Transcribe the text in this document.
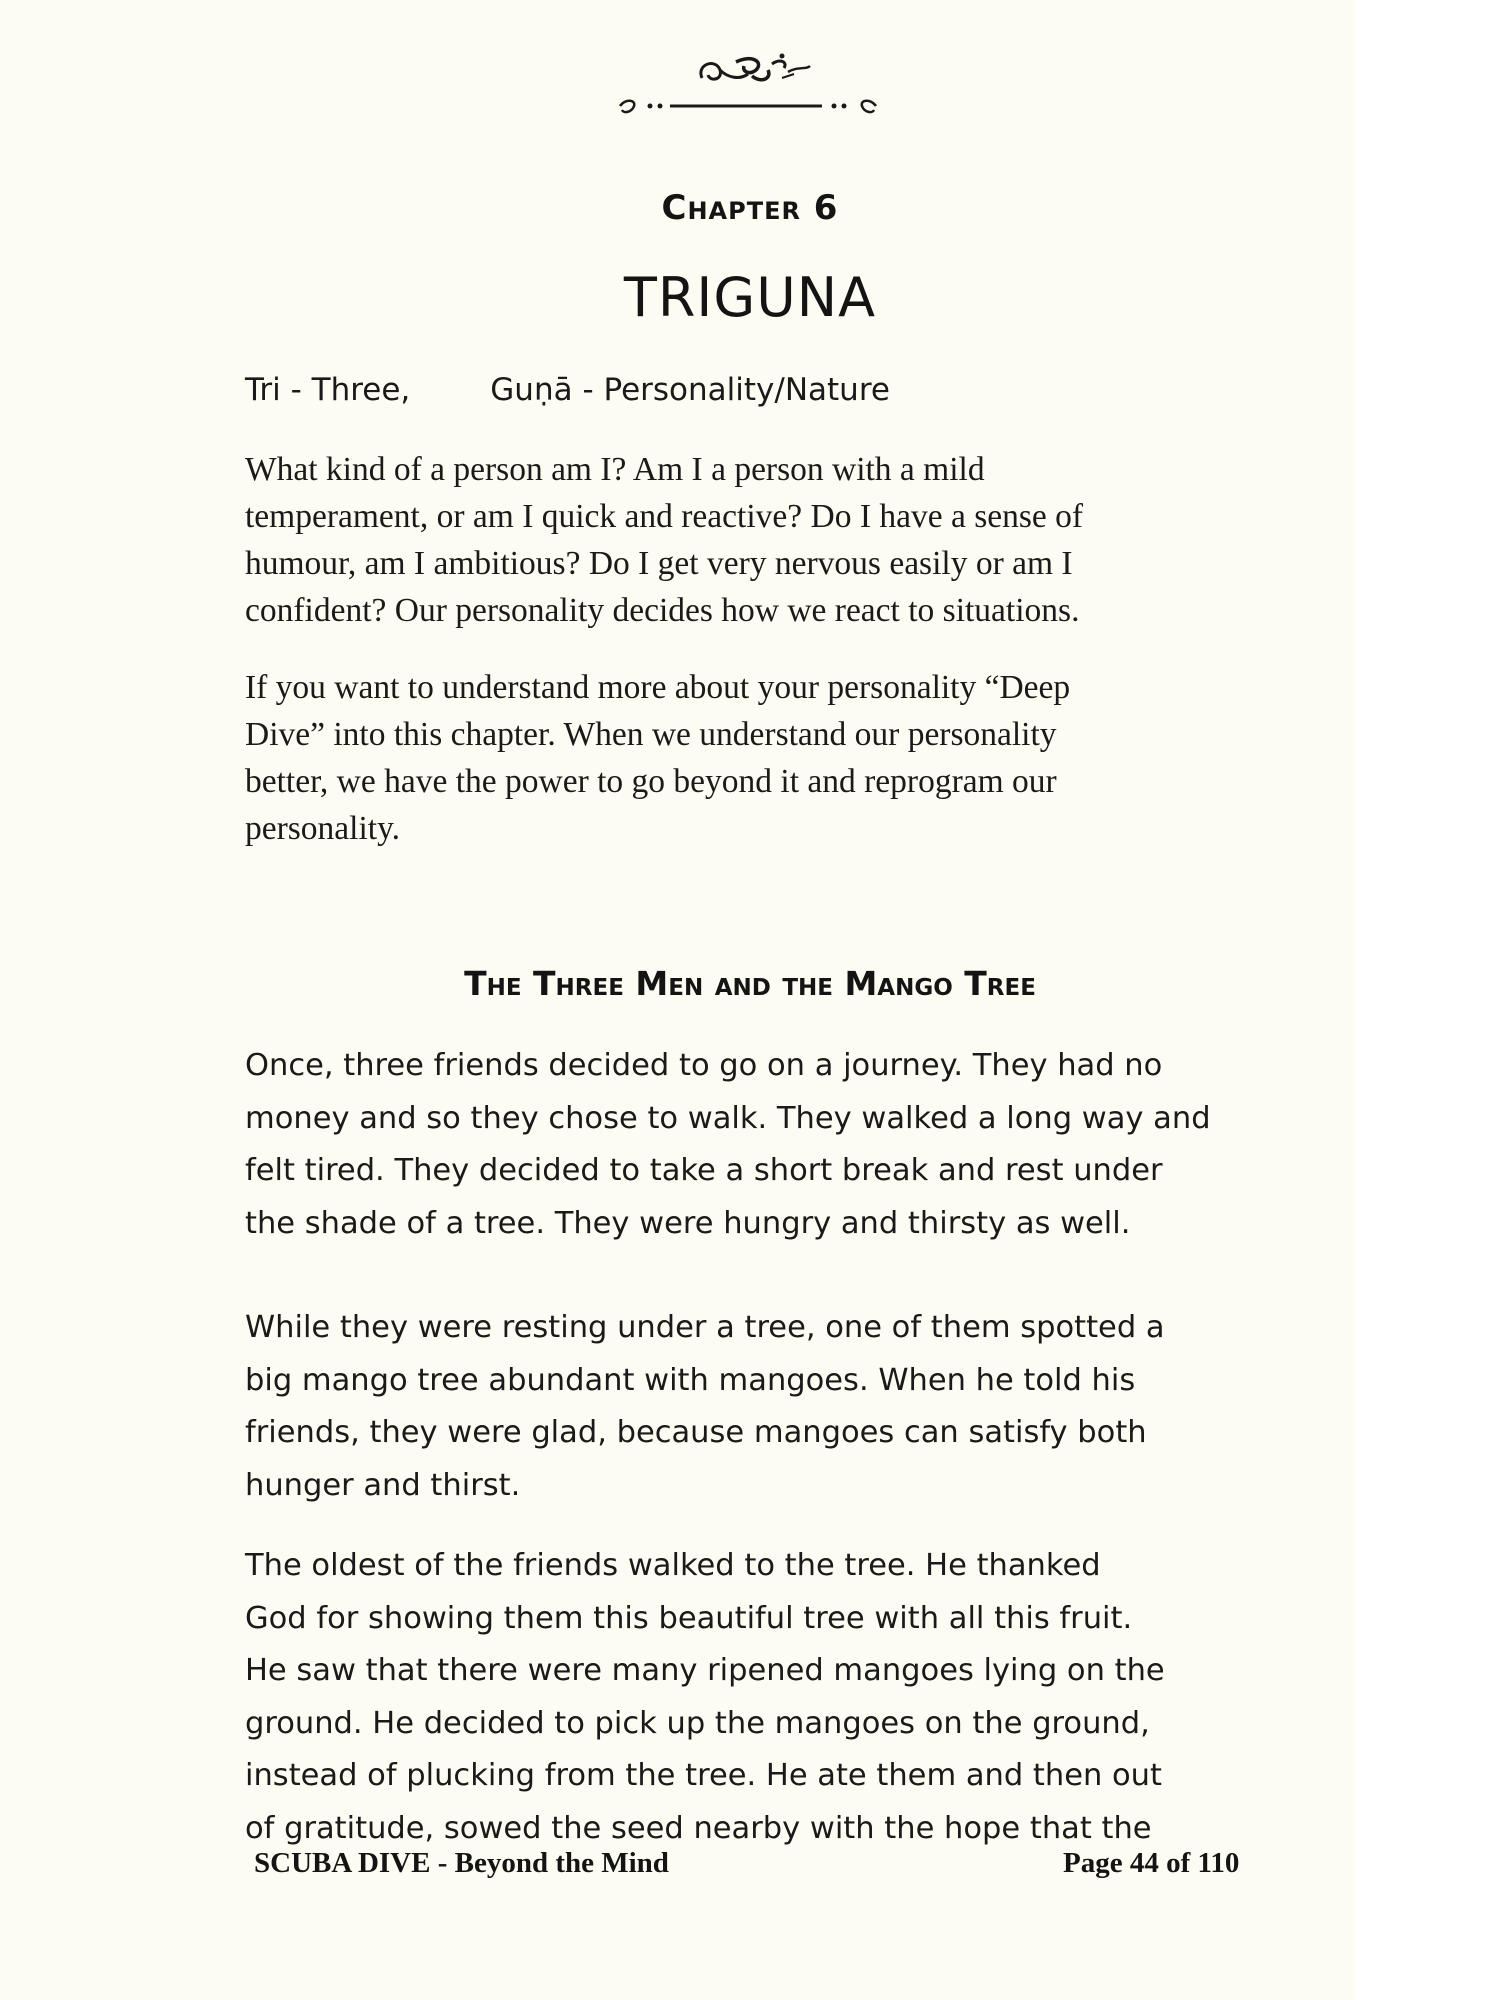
Chapter 6
TRIGUNA
Tri - Three,	Guṇā - Personality/Nature
What kind of a person am I? Am I a person with a mild
temperament, or am I quick and reactive? Do I have a sense of
humour, am I ambitious? Do I get very nervous easily or am I
confident? Our personality decides how we react to situations.
If you want to understand more about your personality “Deep
Dive” into this chapter. When we understand our personality
better, we have the power to go beyond it and reprogram our
personality.
The Three Men and the Mango Tree
Once, three friends decided to go on a journey. They had no
money and so they chose to walk. They walked a long way and
felt tired. They decided to take a short break and rest under
the shade of a tree. They were hungry and thirsty as well.
While they were resting under a tree, one of them spotted a
big mango tree abundant with mangoes. When he told his
friends, they were glad, because mangoes can satisfy both
hunger and thirst.
The oldest of the friends walked to the tree. He thanked
God for showing them this beautiful tree with all this fruit.
He saw that there were many ripened mangoes lying on the
ground. He decided to pick up the mangoes on the ground,
instead of plucking from the tree. He ate them and then out
of gratitude, sowed the seed nearby with the hope that the
SCUBA DIVE - Beyond the Mind	Page 44 of 110
